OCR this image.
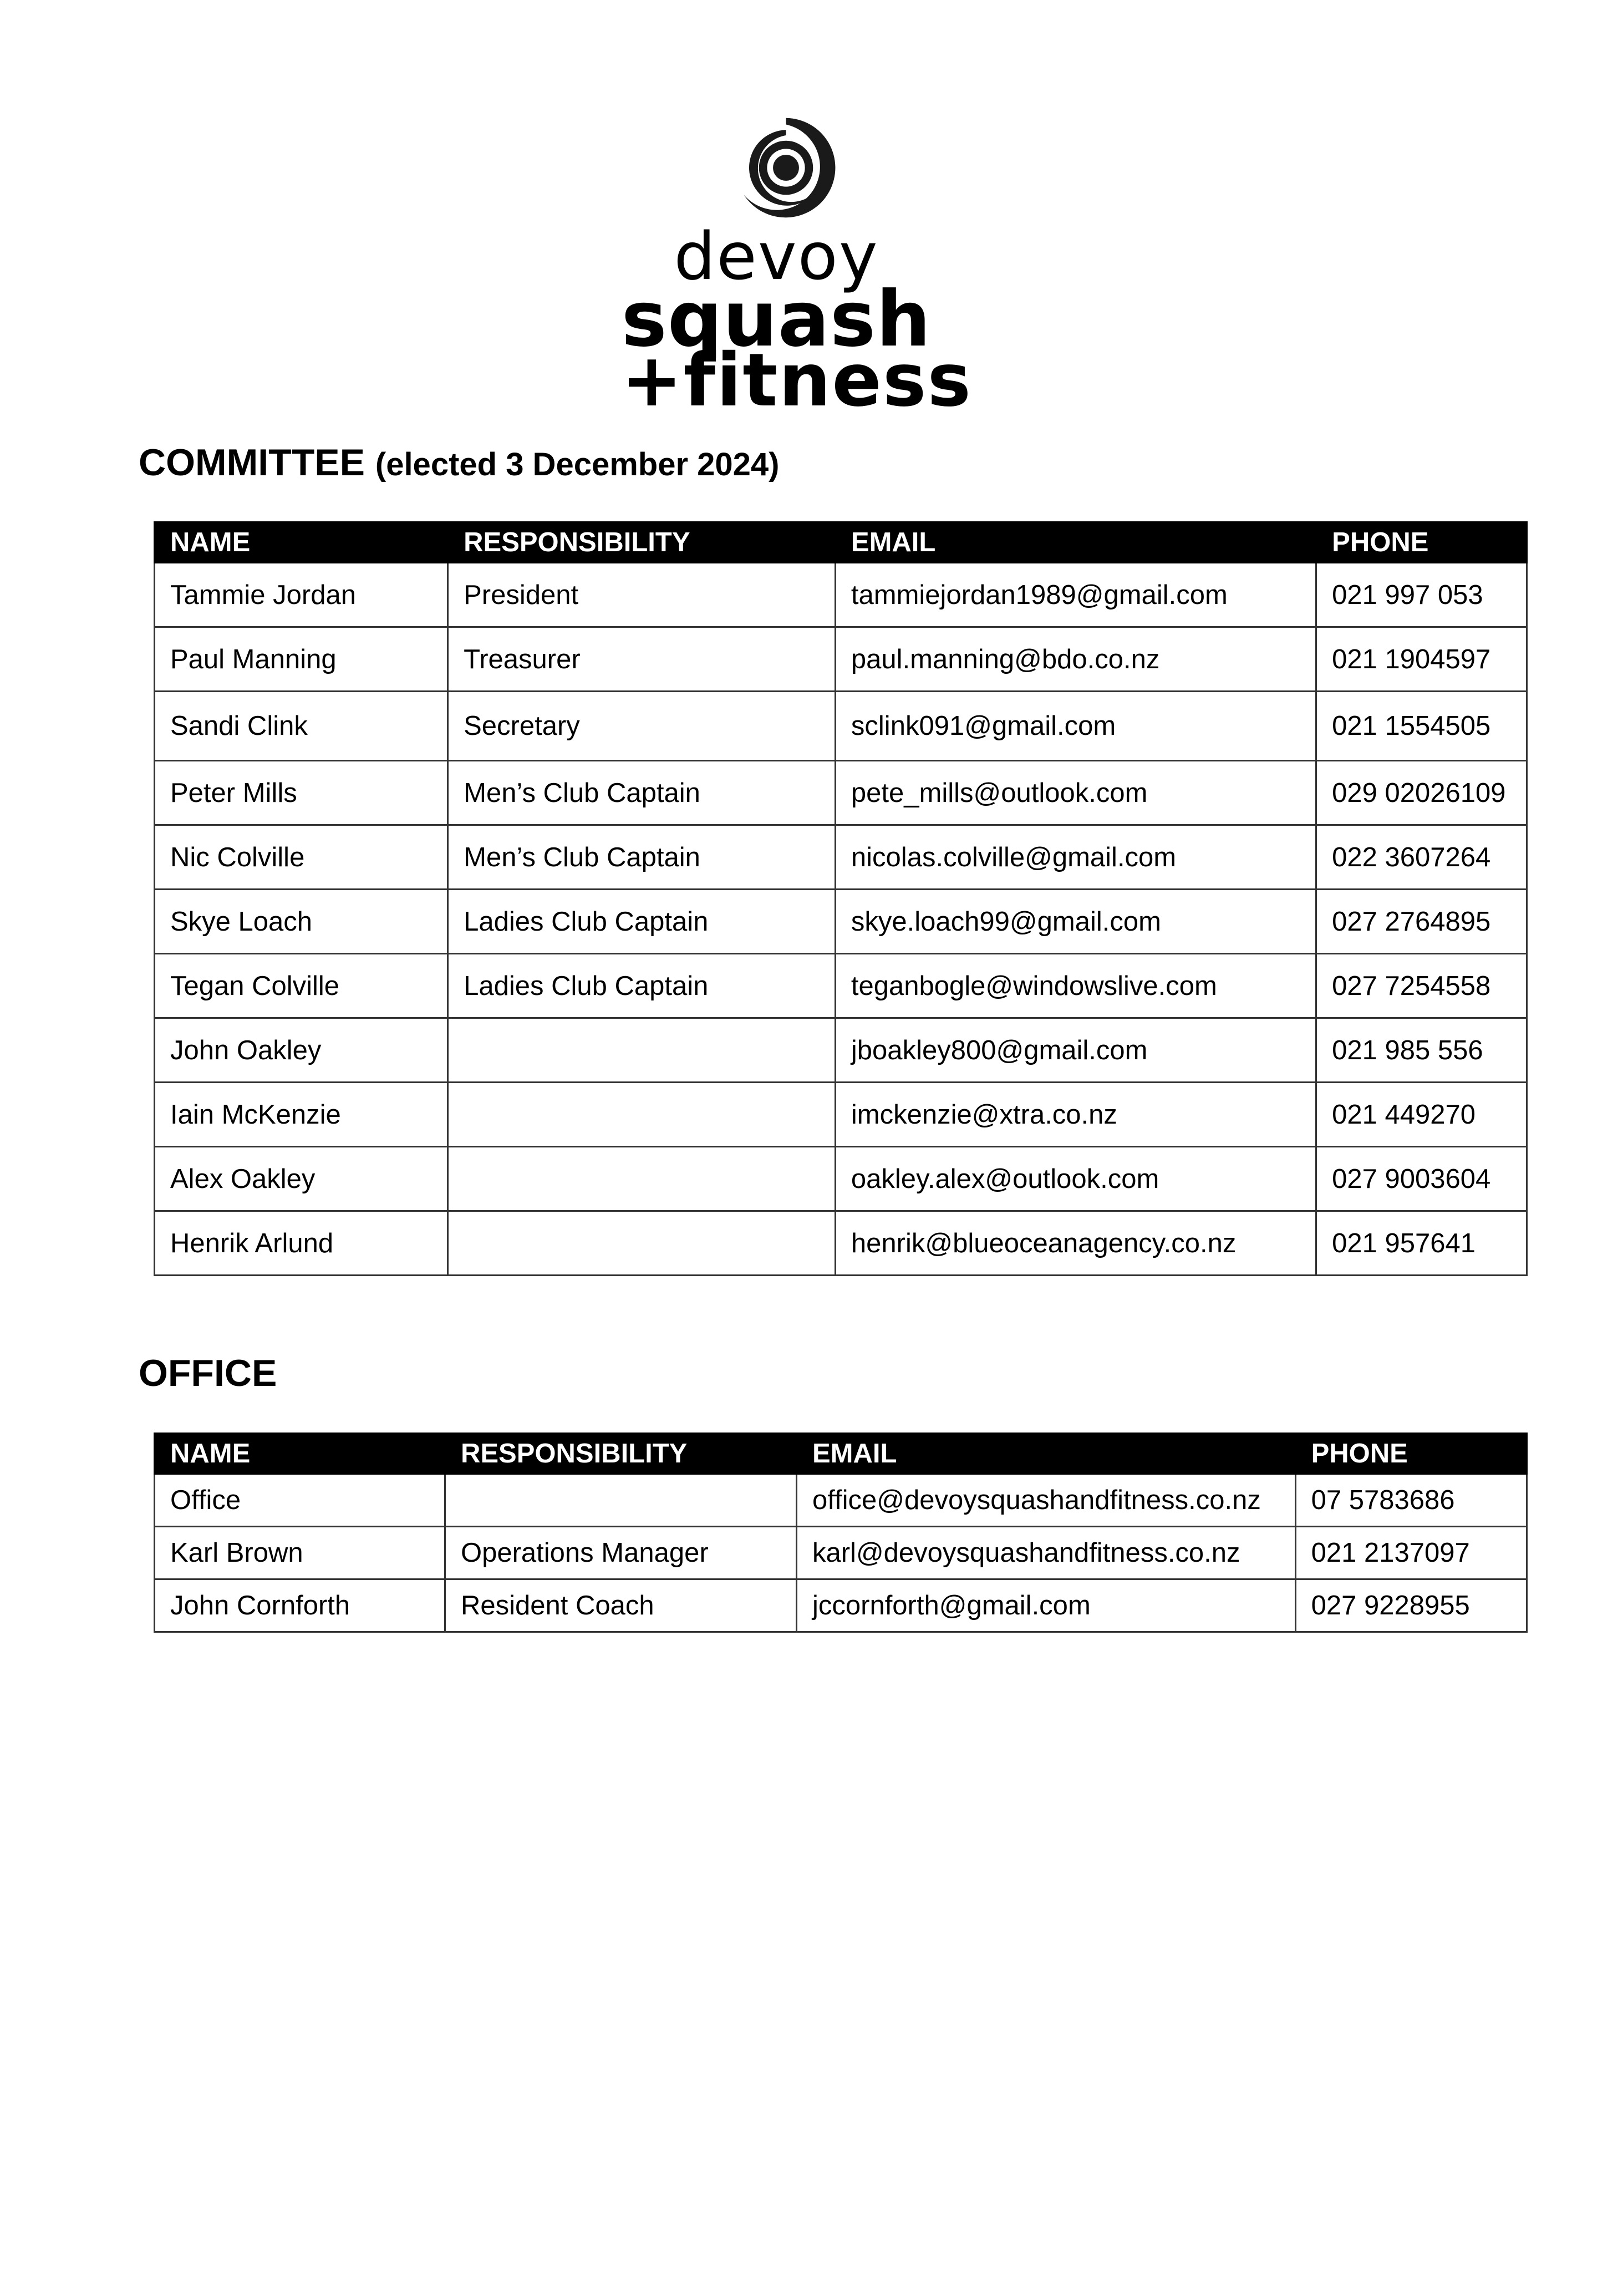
devoy
squash
+fitness
COMMITTEE (elected 3 December 2024)
NAME	RESPONSIBILITY	EMAIL	PHONE
Tammie Jordan	President	tammiejordan1989@gmail.com	021 997 053
Paul Manning	Treasurer	paul.manning@bdo.co.nz	021 1904597
Sandi Clink	Secretary	sclink091@gmail.com	021 1554505
Peter Mills	Men’s Club Captain	pete_mills@outlook.com	029 02026109
Nic Colville	Men’s Club Captain	nicolas.colville@gmail.com	022 3607264
Skye Loach	Ladies Club Captain	skye.loach99@gmail.com	027 2764895
Tegan Colville	Ladies Club Captain	teganbogle@windowslive.com	027 7254558
John Oakley		jboakley800@gmail.com	021 985 556
Iain McKenzie		imckenzie@xtra.co.nz	021 449270
Alex Oakley		oakley.alex@outlook.com	027 9003604
Henrik Arlund		henrik@blueoceanagency.co.nz	021 957641
OFFICE
NAME	RESPONSIBILITY	EMAIL	PHONE
Office		office@devoysquashandfitness.co.nz	07 5783686
Karl Brown	Operations Manager	karl@devoysquashandfitness.co.nz	021 2137097
John Cornforth	Resident Coach	jccornforth@gmail.com	027 9228955
